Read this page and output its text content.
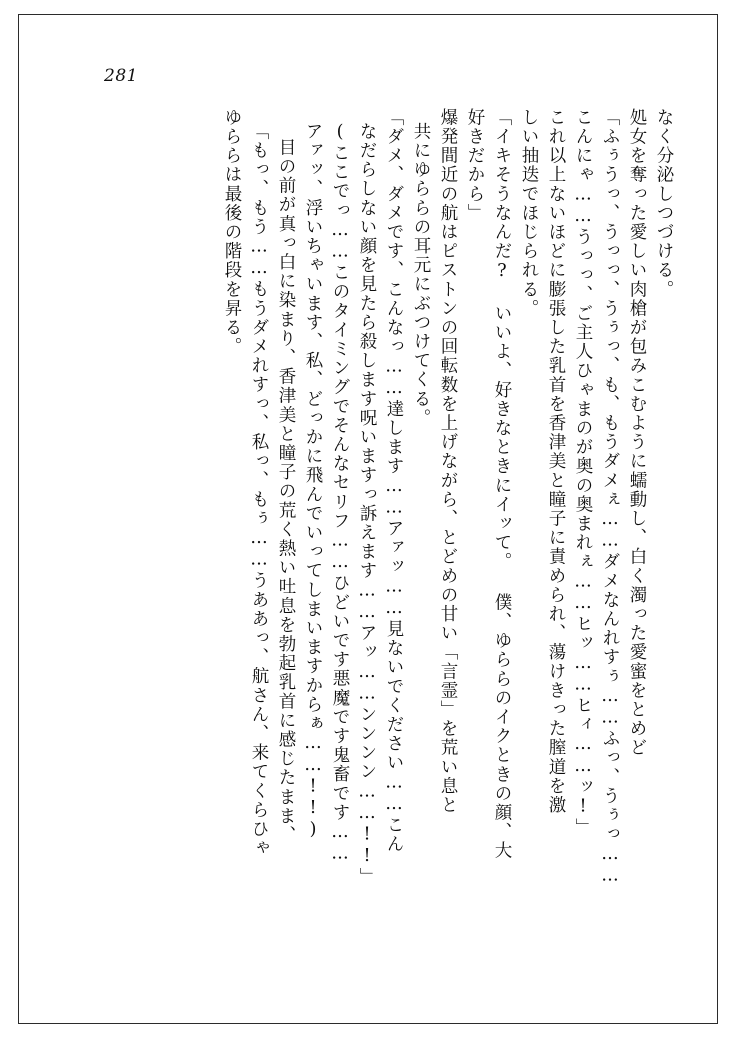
281
ゆららは最後の階段を昇る。 「もっ、もう……もうダメれすっ、私っ、もぅ……うああっ、航さん、来てくらひゃ 目の前が真っ白に染まり、香津美と瞳子の荒く熱い吐息を勃起乳首に感じたまま、 アァッ、浮いちゃいます、私、どっかに飛んでいってしまいますからぁ……!!) (ここでっ……このタイミングでそんなセリフ……ひどいです悪魔です鬼畜です…… なだらしない顔を見たら殺します呪いますっ訴えます……アッ……ンンンン……!!」 「ダメ、ダメです、こんなっ……達します……アァッ……見ないでください……こん 共にゆららの耳元にぶつけてくる。 爆発間近の航はピストンの回転数を上げながら、とどめの甘い「言霊」を荒い息と 好きだから」 「イキそうなんだ? いいよ、好きなときにイッて。 僕、ゆららのイクときの顔、大 しい抽迭でほじられる。 これ以上ないほどに膨張した乳首を香津美と瞳子に責められ、蕩けきった膣道を激 こんにゃ……うっっ、ご主人ひゃまのが奥の奥まれぇ……ヒッ……ヒィ……ッ!」 「ふぅうっ、うっっ、うぅっ、も、もうダメぇ……ダメなんれすぅ……ふっ、うぅっ…… 処女を奪った愛しい肉槍が包みこむように蠕動し、白く濁った愛蜜をとめど なく分泌しつづける。
